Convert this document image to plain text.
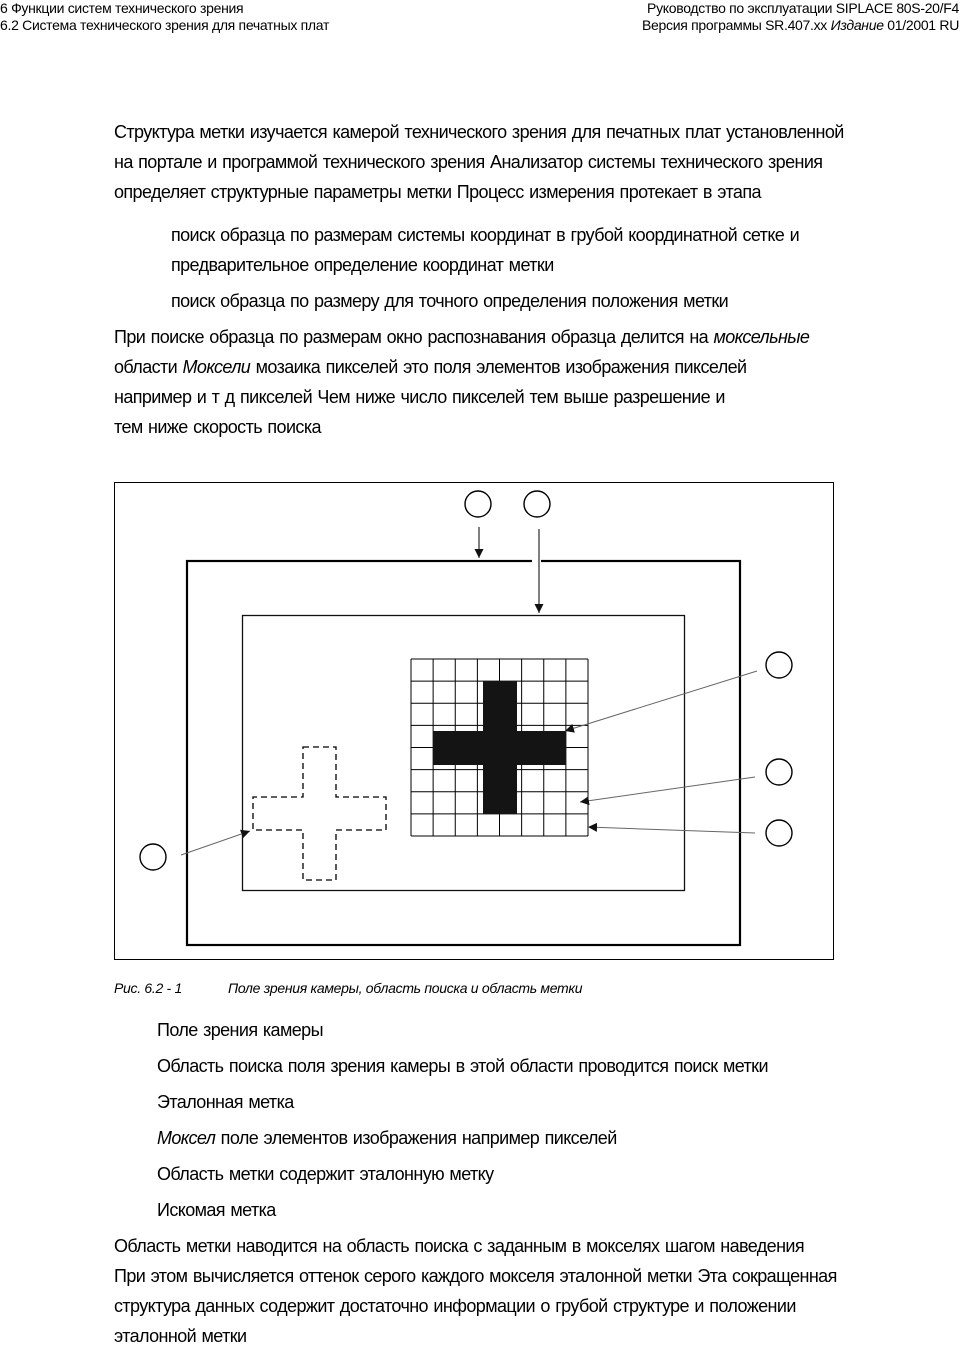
6 Функции систем технического зрения
6.2 Система технического зрения для печатных плат
Руководство по эксплуатации SIPLACE 80S-20/F4
Версия программы SR.407.xx Издание 01/2001 RU
Структура метки изучается камерой технического зрения для печатных плат установленной
на портале и программой технического зрения Анализатор системы технического зрения
определяет структурные параметры метки Процесс измерения протекает в этапа
поиск образца по размерам системы координат в грубой координатной сетке и
предварительное определение координат метки
поиск образца по размеру для точного определения положения метки
При поиске образца по размерам окно распознавания образца делится на моксельные
области Моксели мозаика пикселей это поля элементов изображения пикселей
например и т д пикселей Чем ниже число пикселей тем выше разрешение и
тем ниже скорость поиска
Рис. 6.2 - 1	Поле зрения камеры, область поиска и область метки
Поле зрения камеры
Область поиска поля зрения камеры в этой области проводится поиск метки
Эталонная метка
Моксел поле элементов изображения например пикселей
Область метки содержит эталонную метку
Искомая метка
Область метки наводится на область поиска с заданным в мокселях шагом наведения
При этом вычисляется оттенок серого каждого мокселя эталонной метки Эта сокращенная
структура данных содержит достаточно информации о грубой структуре и положении
эталонной метки
